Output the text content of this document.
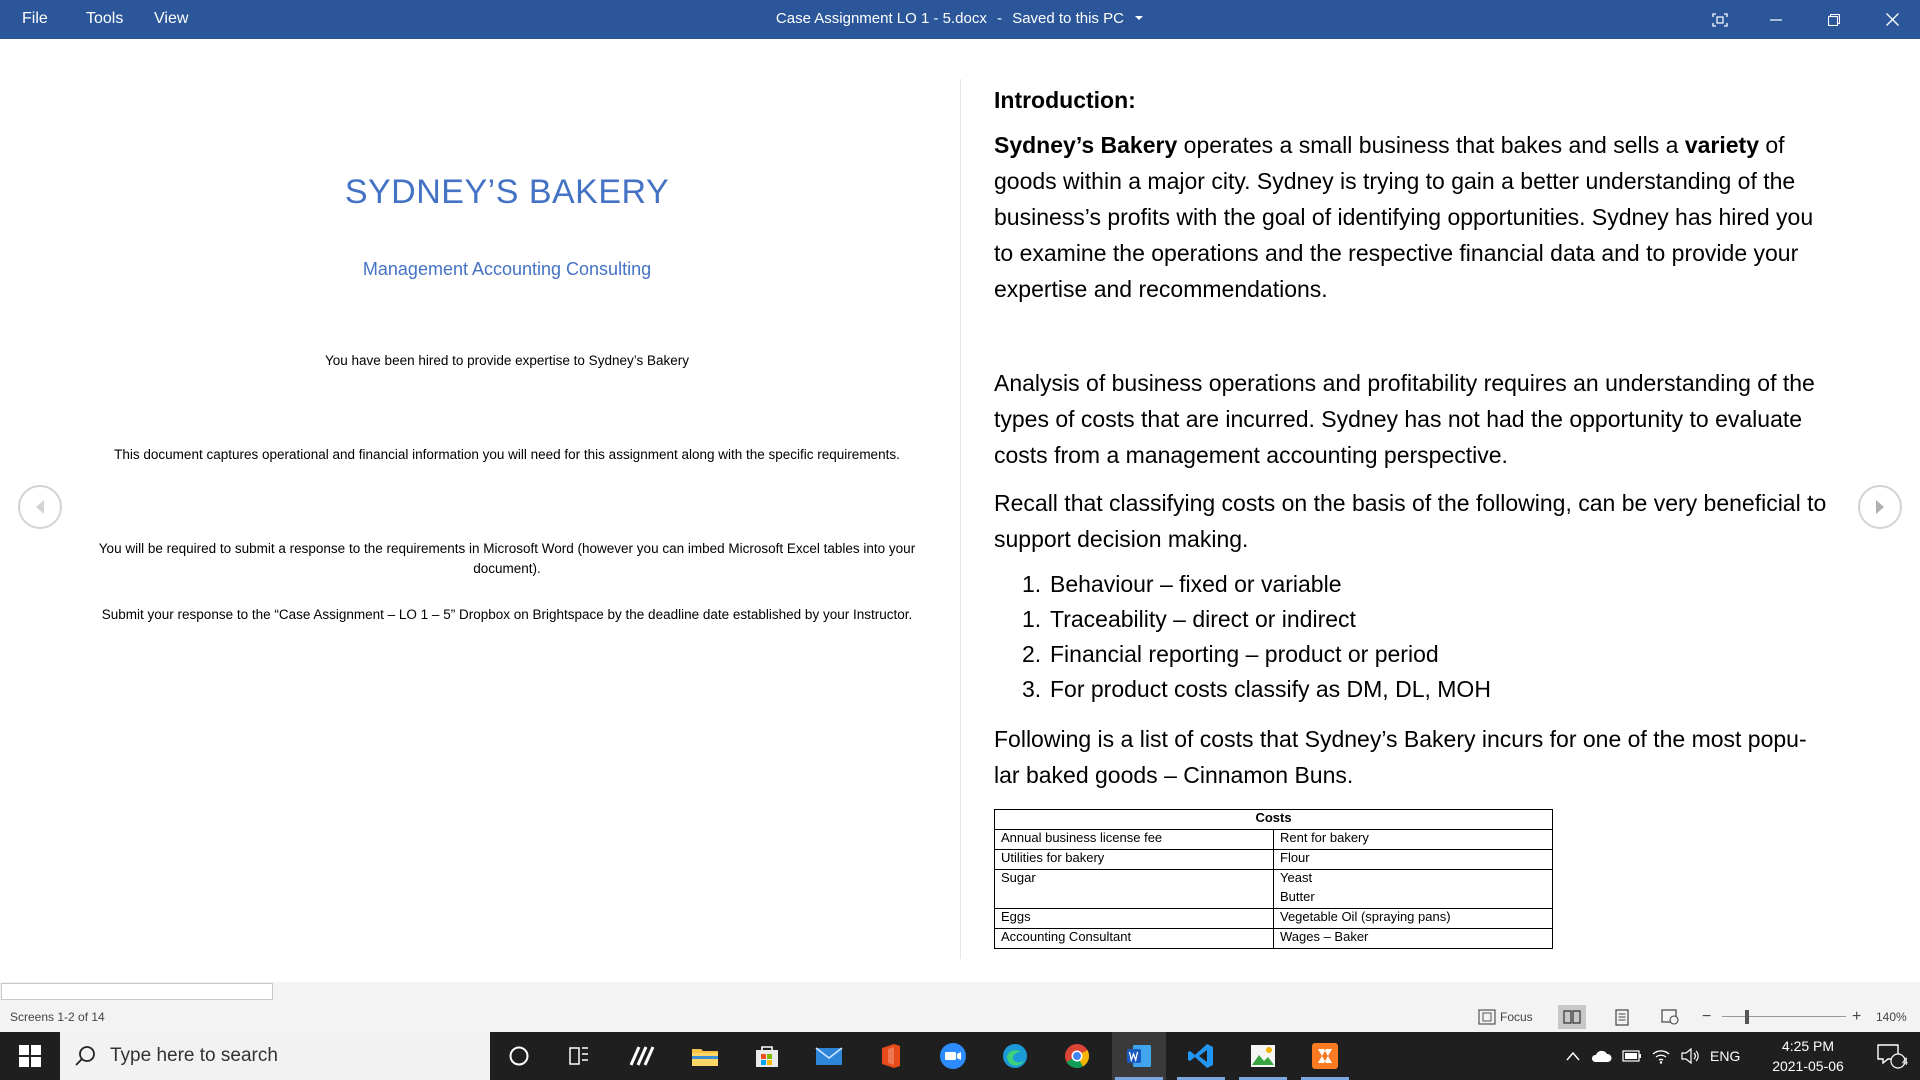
File Tools View	Case Assignment LO 1 - 5.docx - Saved to this PC
SYDNEY’S BAKERY
Management Accounting Consulting
You have been hired to provide expertise to Sydney’s Bakery
This document captures operational and financial information you will need for this assignment along with the specific requirements.
You will be required to submit a response to the requirements in Microsoft Word (however you can imbed Microsoft Excel tables into your document).
Submit your response to the “Case Assignment – LO 1 – 5” Dropbox on Brightspace by the deadline date established by your Instructor.
Introduction:
Sydney’s Bakery operates a small business that bakes and sells a variety of goods within a major city. Sydney is trying to gain a better understanding of the business’s profits with the goal of identifying opportunities. Sydney has hired you to examine the operations and the respective financial data and to provide your expertise and recommendations.
Analysis of business operations and profitability requires an understanding of the types of costs that are incurred. Sydney has not had the opportunity to evaluate costs from a management accounting perspective.
Recall that classifying costs on the basis of the following, can be very beneficial to support decision making.
1. Behaviour – fixed or variable
1. Traceability – direct or indirect
2. Financial reporting – product or period
3. For product costs classify as DM, DL, MOH
Following is a list of costs that Sydney’s Bakery incurs for one of the most popu-lar baked goods – Cinnamon Buns.
Costs	
Annual business license fee	Rent for bakery
Utilities for bakery	Flour
Sugar	Yeast
	Butter
Eggs	Vegetable Oil (spraying pans)
Accounting Consultant	Wages – Baker
Screens 1-2 of 14	Focus	−	+ 140%
Type here to search	ENG
4:25 PM
2021-05-06	4
